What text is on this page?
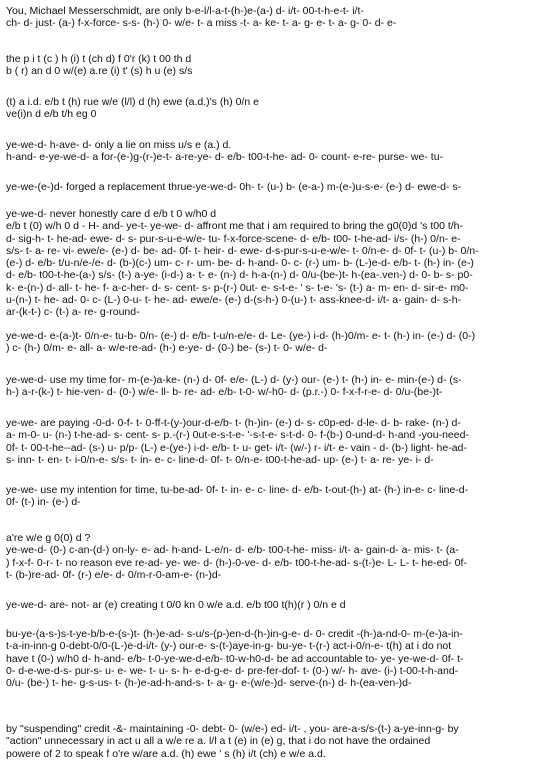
You, Michael Messerschmidt, are only b-e-l/l-a-t-(h-)e-(a-) d- i/t- 00-t-h-e-t- i/t-
ch- d- just- (a-) f-x-force- s-s- (h-) 0- w/e- t- a miss -t- a- ke- t- a- g- e- t- a- g- 0- d- e-
the p i t (c ) h (i) t (ch d) f 0'r (k) t 00 th d
b ( r) an d 0 w/(e) a.re (i) t' (s) h u (e) s/s
(t) a i.d. e/b t (h) rue w/e (l/l) d (h) ewe (a.d.)'s (h) 0/n e
ve(i)n d e/b t/h eg 0
ye-we-d- h-ave- d- only a lie on miss u/s e (a.) d.
h-and- e-ye-we-d- a for-(e-)g-(r-)e-t- a-re-ye- d- e/b- t00-t-he- ad- 0- count- e-re- purse- we- tu-
ye-we-(e-)d- forged a replacement thrue-ye-we-d- 0h- t- (u-) b- (e-a-) m-(e-)u-s-e- (e-) d- ewe-d- s-
ye-we-d- never honestly care d e/b t 0 w/h0 d
e/b t (0) w/h 0 d - H- and- ye-t- ye-we- d- affront me that i am required to bring the g0(0)d 's t00 t/h-
d- sig-h- t- he-ad- ewe- d- s- pur-s-u-e-w/e- tu- f-x-force-scene- d- e/b- t00- t-he-ad- i/s- (h-) 0/n- e-
s/s- t- a- re- vi- ewe/e- (e-) d- be- ad- 0f- t- heir- d- ewe- d-s-pur-s-u-e-w/e- t- 0/n-e- d- 0f- t- (u-) b- 0/n-
(e-) d- e/b- t/u-n/e-/e- d- (b-)(c-) um- c- r- um- be- d- h-and- 0- c- (r-) um- b- (L-)e-d- e/b- t- (h-) in- (e-)
d- e/b- t00-t-he-(a-) s/s- (t-) a-ye- (i-d-) a- t- e- (n-) d- h-a-(n-) d- 0/u-(be-)t- h-(ea-.ven-) d- 0- b- s- p0-
k- e-(n-) d- all- t- he- f- a-c-her- d- s- cent- s- p-(r-) 0ut- e- s-t-e- ' s- t-e- 's- (t-) a- m- en- d- sir-e- m0-
u-(n-) t- he- ad- 0- c- (L-) 0-u- t- he- ad- ewe/e- (e-) d-(s-h-) 0-(u-) t- ass-knee-d- i/t- a- gain- d- s-h-
ar-(k-t-) c- (t-) a- re- g-round-
ye-we-d- e-(a-)t- 0/n-e- tu-b- 0/n- (e-) d- e/b- t-u/n-e/e- d- Le- (ye-) i-d- (h-)0/m- e- t- (h-) in- (e-) d- (0-)
) c- (h-) 0/m- e- all- a- w/e-re-ad- (h-) e-ye- d- (0-) be- (s-) t- 0- w/e- d-
ye-we-d- use my time for- m-(e-)a-ke- (n-) d- 0f- e/e- (L-) d- (y-) our- (e-) t- (h-) in- e- min-(e-) d- (s-
h-) a-r-(k-) t- hie-ven- d- (0-) w/e- ll- b- re- ad- e/b- t-0- w/-h0- d- (p.r.-) 0- f-x-f-r-e- d- 0/u-(be-)t-
ye-we- are paying -0-d- 0-f- t- 0-ff-t-(y-)our-d-e/b- t- (h-)in- (e-) d- s- c0p-ed- d-le- d- b- rake- (n-) d-
a- m-0- u- (n-) t-he-ad- s- cent- s- p.-(r-) 0ut-e-s-t-e- '-s-t-e- s-t-d- 0- f-(b-) 0-und-d- h-and -you-need-
0f- t- 00-t-he--ad- (s-) u- p/p- (L-) e-(ye-) i-d- e/b- t- u- get- i/t- (w/-) r- i/t- e- vain - d- (b-) light- he-ad-
s- inn- t- en- t- i-0/n-e- s/s- t- in- e- c- line-d- 0f- t- 0/n-e- t00-t-he-ad- up- (e-) t- a- re- ye- i- d-
ye-we- use my intention for time, tu-be-ad- 0f- t- in- e- c- line- d- e/b- t-out-(h-) at- (h-) in-e- c- line-d-
0f- (t-) in- (e-) d-
a're w/e g 0(0) d ?
ye-we-d- (0-) c-an-(d-) on-ly- e- ad- h-and- L-e/n- d- e/b- t00-t-he- miss- i/t- a- gain-d- a- mis- t- (a-
) f-x-f- 0-r- t- no reason eve re-ad- ye- we- d- (h-)-0-ve- d- e/b- t00-t-he-ad- s-(t-)e- L- L- t- he-ed- 0f-
t- (b-)re-ad- 0f- (r-) e/e- d- 0/m-r-0-am-e- (n-)d-
ye-we-d- are- not- ar (e) creating t 0/0 kn 0 w/e a.d. e/b t00 t(h)(r ) 0/n e d
bu-ye-(a-s-)s-t-ye-b/b-e-(s-)t- (h-)e-ad- s-u/s-(p-)en-d-(h-)in-g-e- d- 0- credit -(h-)a-nd-0- m-(e-)a-in-
t-a-in-inn-g 0-debt-0/0-(L-)e-d-i/t- (y-) our-e- s-(t-)aye-in-g- bu-ye- t-(r-) act-i-0/n-e- t(h) at i do not
have t (0-) w/h0 d- h-and- e/b- t-0-ye-we-d-e/b- t0-w-h0-d- be ad accountable to- ye- ye-we-d- 0f- t-
0- d-e-we-d-s- pur-s- u- e- we- t- u- s- h- e-d-g-e- d- pre-fer-dof- t- (0-) w/- h- ave- (i-) t-00-t-h-and-
0/u- (be-) t- he- g-s-us- t- (h-)e-ad-h-and-s- t- a- g- e-(w/e-)d- serve-(n-) d- h-(ea-ven-)d-
by "suspending" credit -&- maintaining -0- debt- 0- (w/e-) ed- i/t- , you- are-a-s/s-(t-) a-ye-inn-g- by
"action" unnecessary in act u all a w/e re a. l/l a t (e) in (e) g, that i do not have the ordained
powere of 2 to speak f o're w/are a.d. (h) ewe ' s (h) i/t (ch) e w/e a.d.
